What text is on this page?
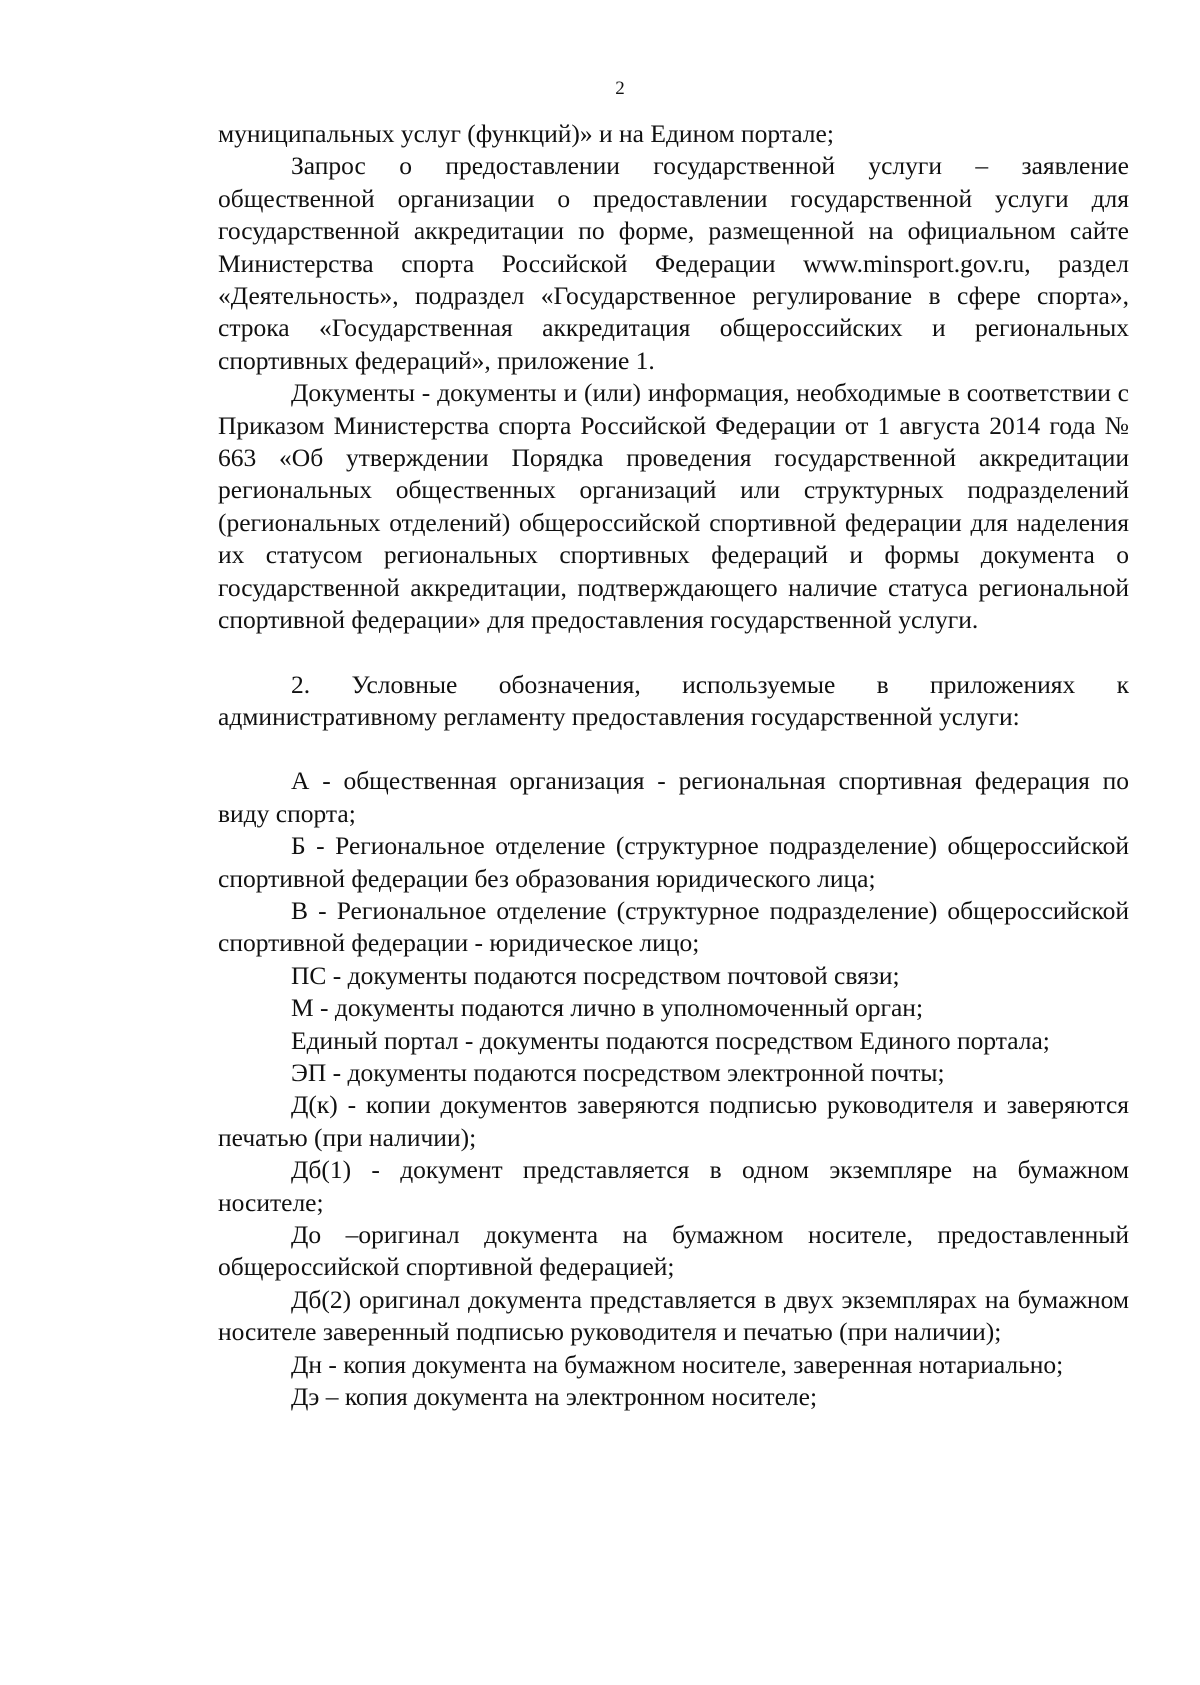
2

муниципальных услуг (функций)» и на Едином портале;

Запрос о предоставлении государственной услуги – заявление общественной организации о предоставлении государственной услуги для государственной аккредитации по форме, размещенной на официальном сайте Министерства спорта Российской Федерации www.minsport.gov.ru, раздел «Деятельность», подраздел «Государственное регулирование в сфере спорта», строка «Государственная аккредитация общероссийских и региональных спортивных федераций», приложение 1.

Документы - документы и (или) информация, необходимые в соответствии с Приказом Министерства спорта Российской Федерации от 1 августа 2014 года № 663 «Об утверждении Порядка проведения государственной аккредитации региональных общественных организаций или структурных подразделений (региональных отделений) общероссийской спортивной федерации для наделения их статусом региональных спортивных федераций и формы документа о государственной аккредитации, подтверждающего наличие статуса региональной спортивной федерации» для предоставления государственной услуги.

2. Условные обозначения, используемые в приложениях к административному регламенту предоставления государственной услуги:

А - общественная организация - региональная спортивная федерация по виду спорта;

Б - Региональное отделение (структурное подразделение) общероссийской спортивной федерации без образования юридического лица;

В - Региональное отделение (структурное подразделение) общероссийской спортивной федерации - юридическое лицо;

ПС - документы подаются посредством почтовой связи;

М - документы подаются лично в уполномоченный орган;

Единый портал - документы подаются посредством Единого портала;

ЭП - документы подаются посредством электронной почты;

Д(к) - копии документов заверяются подписью руководителя и заверяются печатью (при наличии);

Дб(1) - документ представляется в одном экземпляре на бумажном носителе;

До –оригинал документа на бумажном носителе, предоставленный общероссийской спортивной федерацией;

Дб(2) оригинал документа представляется в двух экземплярах на бумажном носителе заверенный подписью руководителя и печатью (при наличии);

Дн - копия документа на бумажном носителе, заверенная нотариально;

Дэ – копия документа на электронном носителе;
